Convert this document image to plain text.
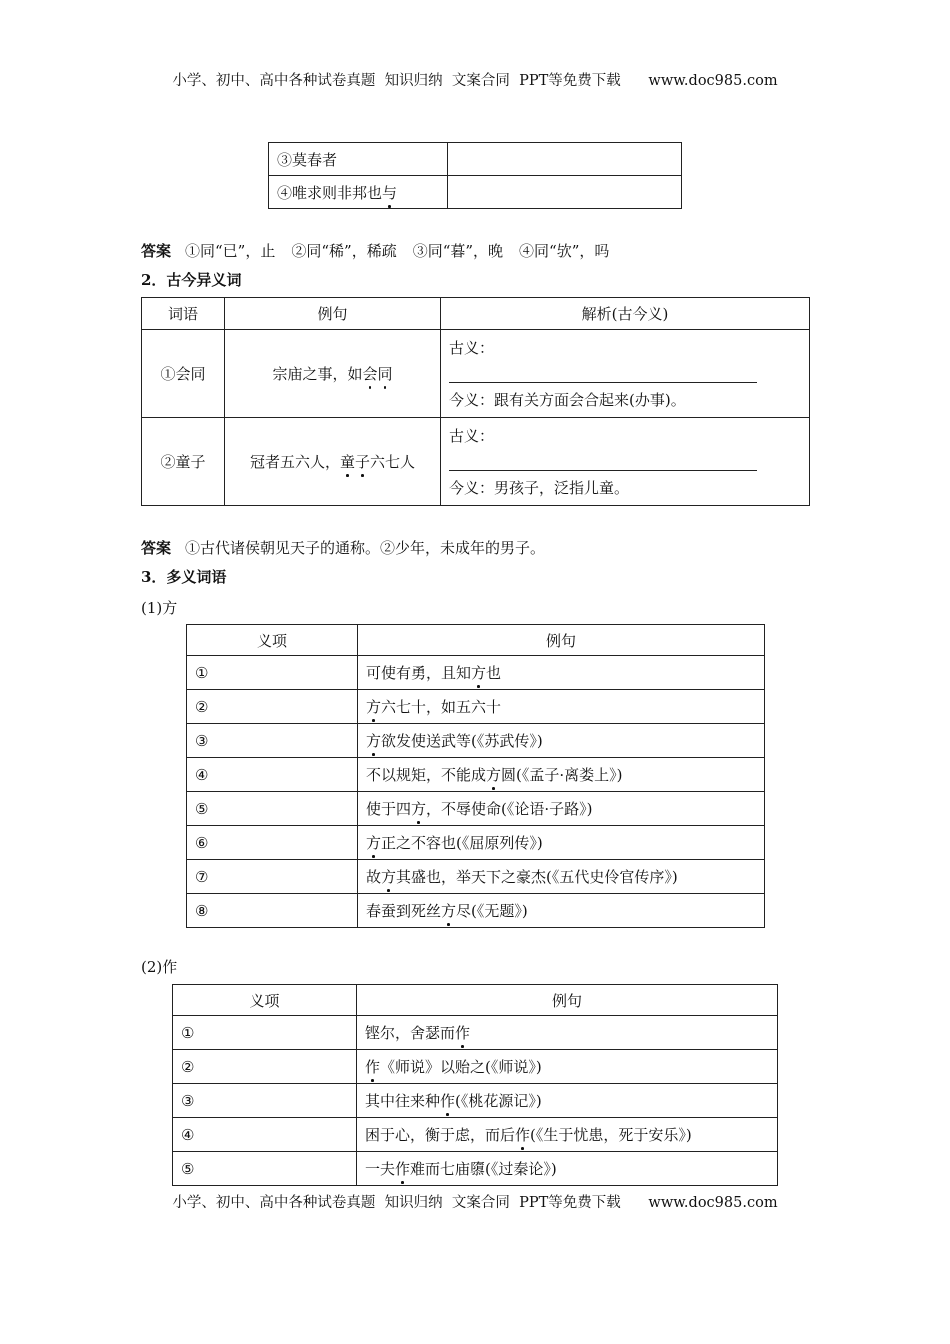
小学、初中、高中各种试卷真题  知识归纳  文案合同  PPT等免费下载 www.doc985.com
③莫春者	
④唯求则非邦也与	
答案 ①同“已”，止 ②同“稀”，稀疏 ③同“暮”，晚 ④同“欤”，吗
2．古今异义词
词语	例句	解析(古今义)
①会同	宗庙之事，如会同	古义：
今义：跟有关方面会合起来(办事)。

②童子	冠者五六人，童子六七人	古义：
今义：男孩子，泛指儿童。
答案 ①古代诸侯朝见天子的通称。②少年，未成年的男子。
3．多义词语
(1)方
义项	例句
①	可使有勇，且知方也
②	方六七十，如五六十
③	方欲发使送武等(《苏武传》)
④	不以规矩，不能成方圆(《孟子·离娄上》)
⑤	使于四方，不辱使命(《论语·子路》)
⑥	方正之不容也(《屈原列传》)
⑦	故方其盛也，举天下之豪杰(《五代史伶官传序》)
⑧	春蚕到死丝方尽(《无题》)
(2)作
义项	例句
①	铿尔，舍瑟而作
②	作《师说》以贻之(《师说》)
③	其中往来种作(《桃花源记》)
④	困于心，衡于虑，而后作(《生于忧患，死于安乐》)
⑤	一夫作难而七庙隳(《过秦论》)
小学、初中、高中各种试卷真题  知识归纳  文案合同  PPT等免费下载 www.doc985.com
